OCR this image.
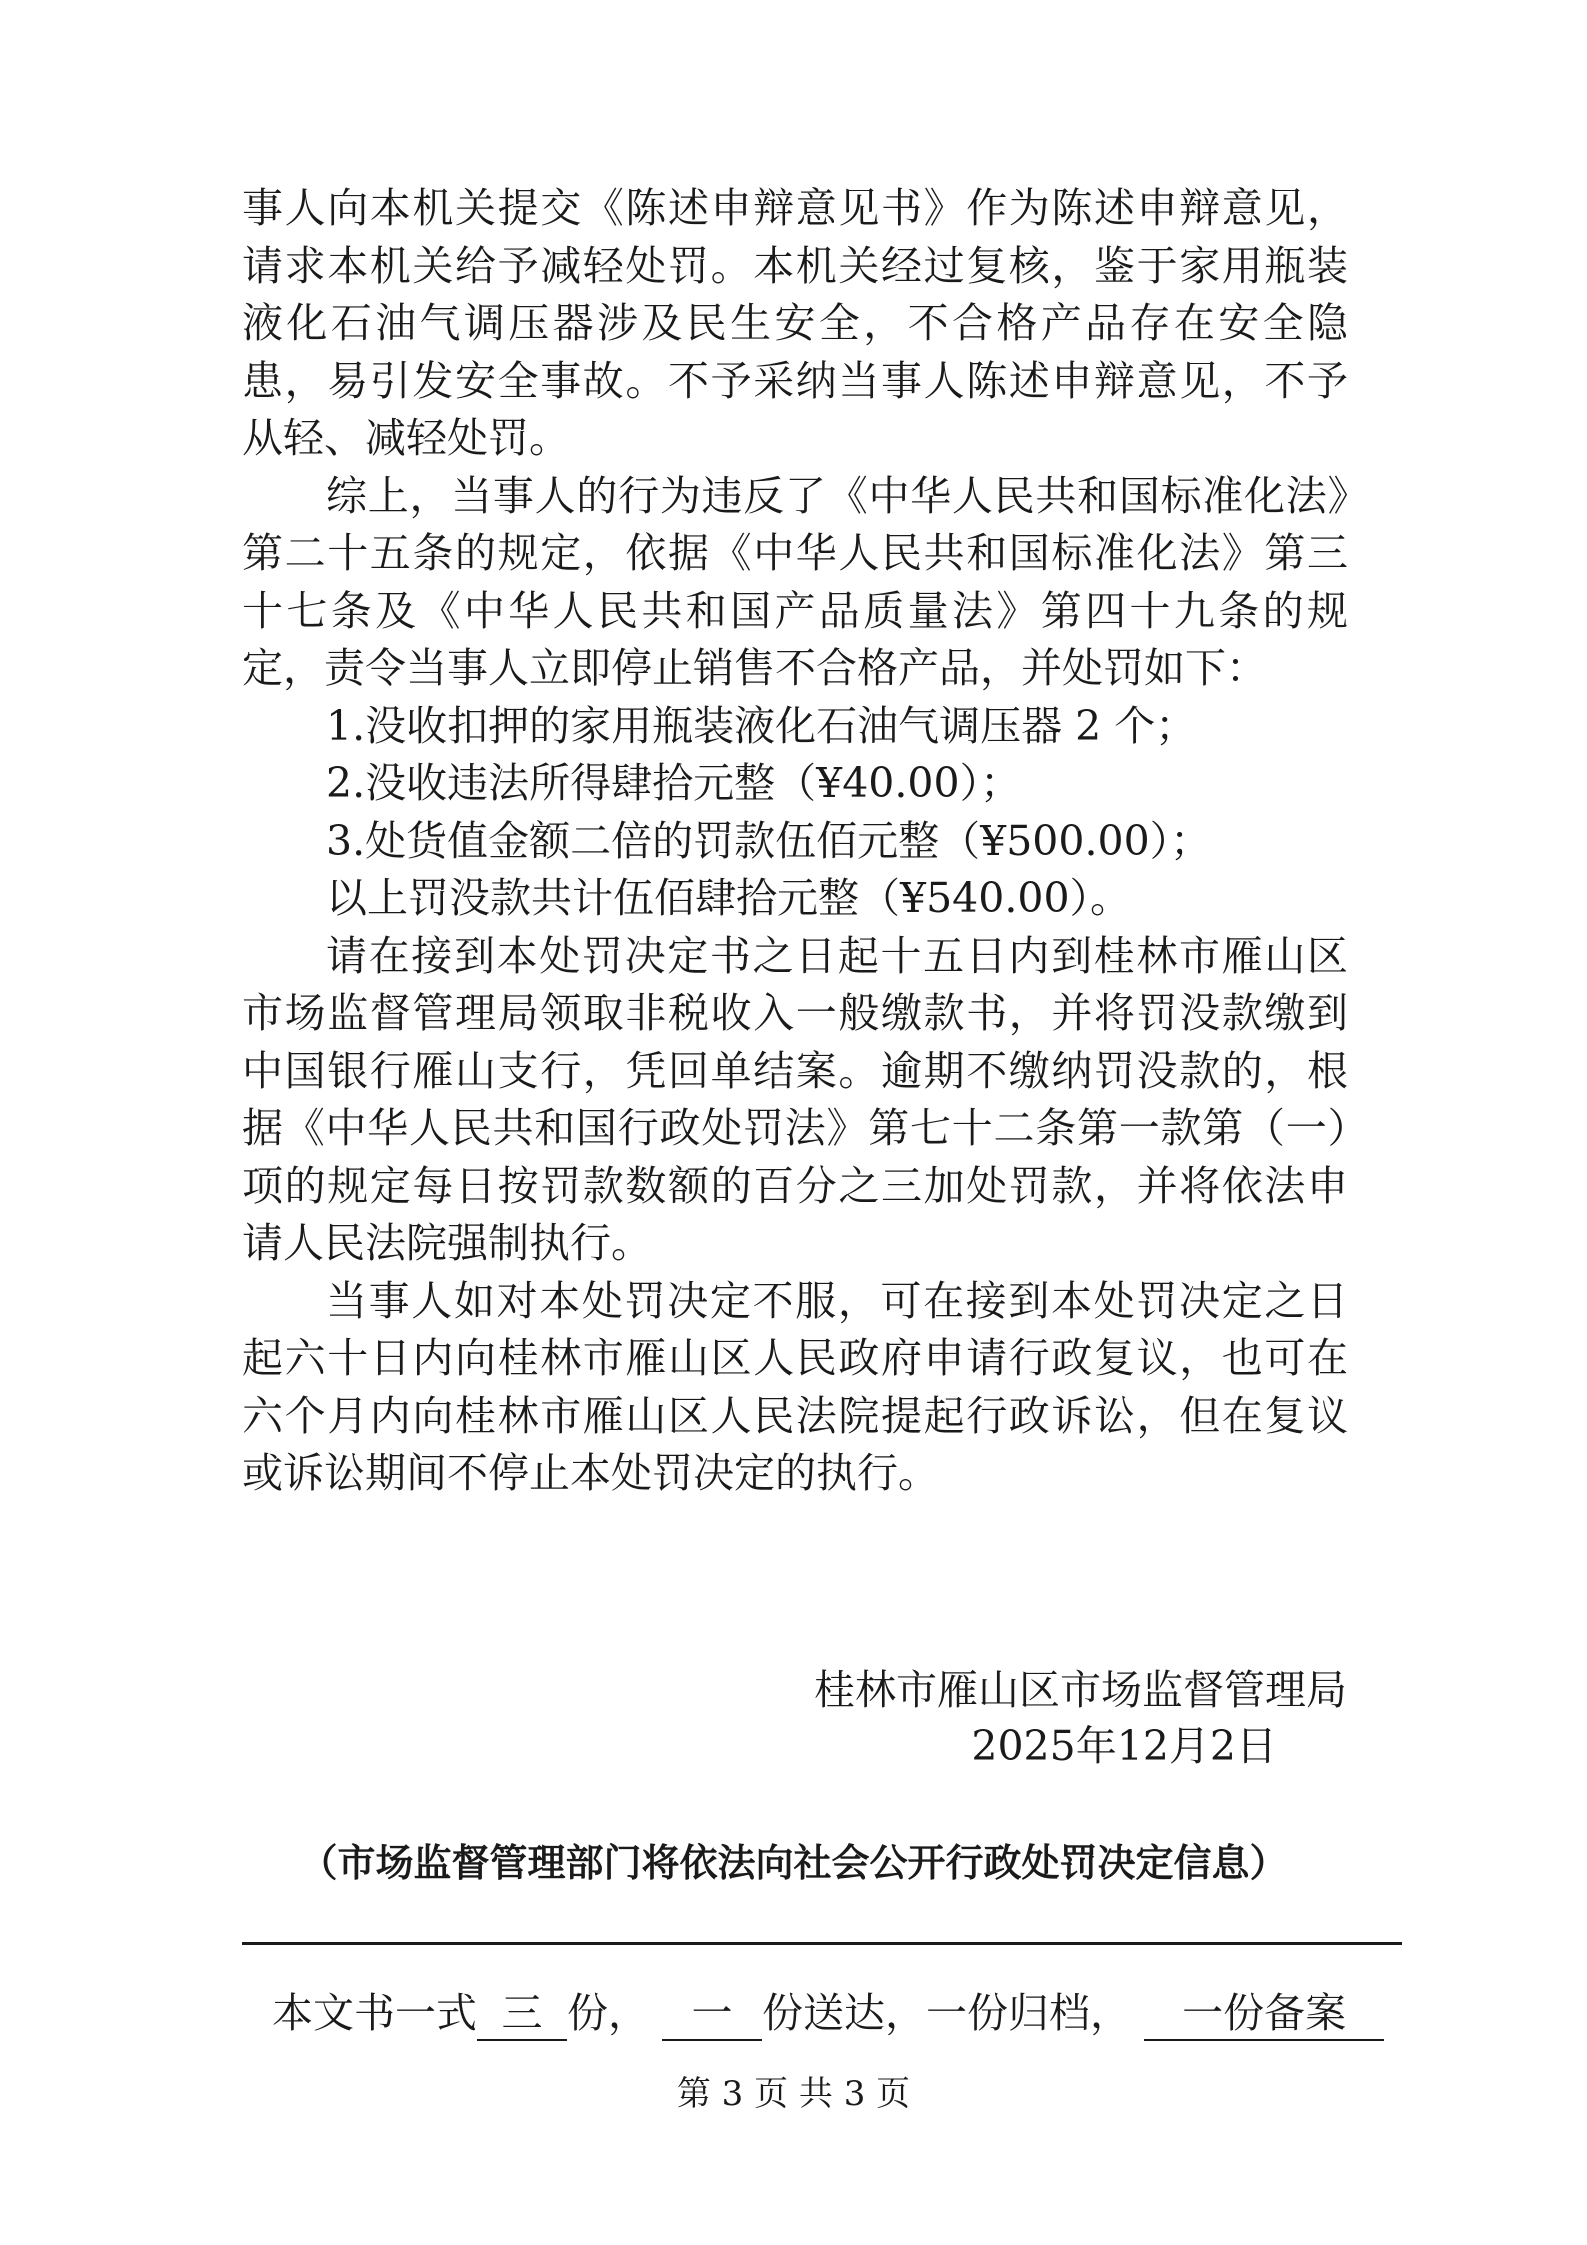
事人向本机关提交《陈述申辩意见书》作为陈述申辩意见，请求本机关给予减轻处罚。本机关经过复核，鉴于家用瓶装液化石油气调压器涉及民生安全，不合格产品存在安全隐患，易引发安全事故。不予采纳当事人陈述申辩意见，不予从轻、减轻处罚。

综上，当事人的行为违反了《中华人民共和国标准化法》第二十五条的规定，依据《中华人民共和国标准化法》第三十七条及《中华人民共和国产品质量法》第四十九条的规定，责令当事人立即停止销售不合格产品，并处罚如下：

1.没收扣押的家用瓶装液化石油气调压器 2 个；

2.没收违法所得肆拾元整（¥40.00）；

3.处货值金额二倍的罚款伍佰元整（¥500.00）；

以上罚没款共计伍佰肆拾元整（¥540.00）。

请在接到本处罚决定书之日起十五日内到桂林市雁山区市场监督管理局领取非税收入一般缴款书，并将罚没款缴到中国银行雁山支行，凭回单结案。逾期不缴纳罚没款的，根据《中华人民共和国行政处罚法》第七十二条第一款第（一）项的规定每日按罚款数额的百分之三加处罚款，并将依法申请人民法院强制执行。

当事人如对本处罚决定不服，可在接到本处罚决定之日起六十日内向桂林市雁山区人民政府申请行政复议，也可在六个月内向桂林市雁山区人民法院提起行政诉讼，但在复议或诉讼期间不停止本处罚决定的执行。

桂林市雁山区市场监督管理局
2025年12月2日
（市场监督管理部门将依法向社会公开行政处罚决定信息）
本文书一式 三 份， 一 份送达，一份归档， 一份备案
第 3 页 共 3 页
